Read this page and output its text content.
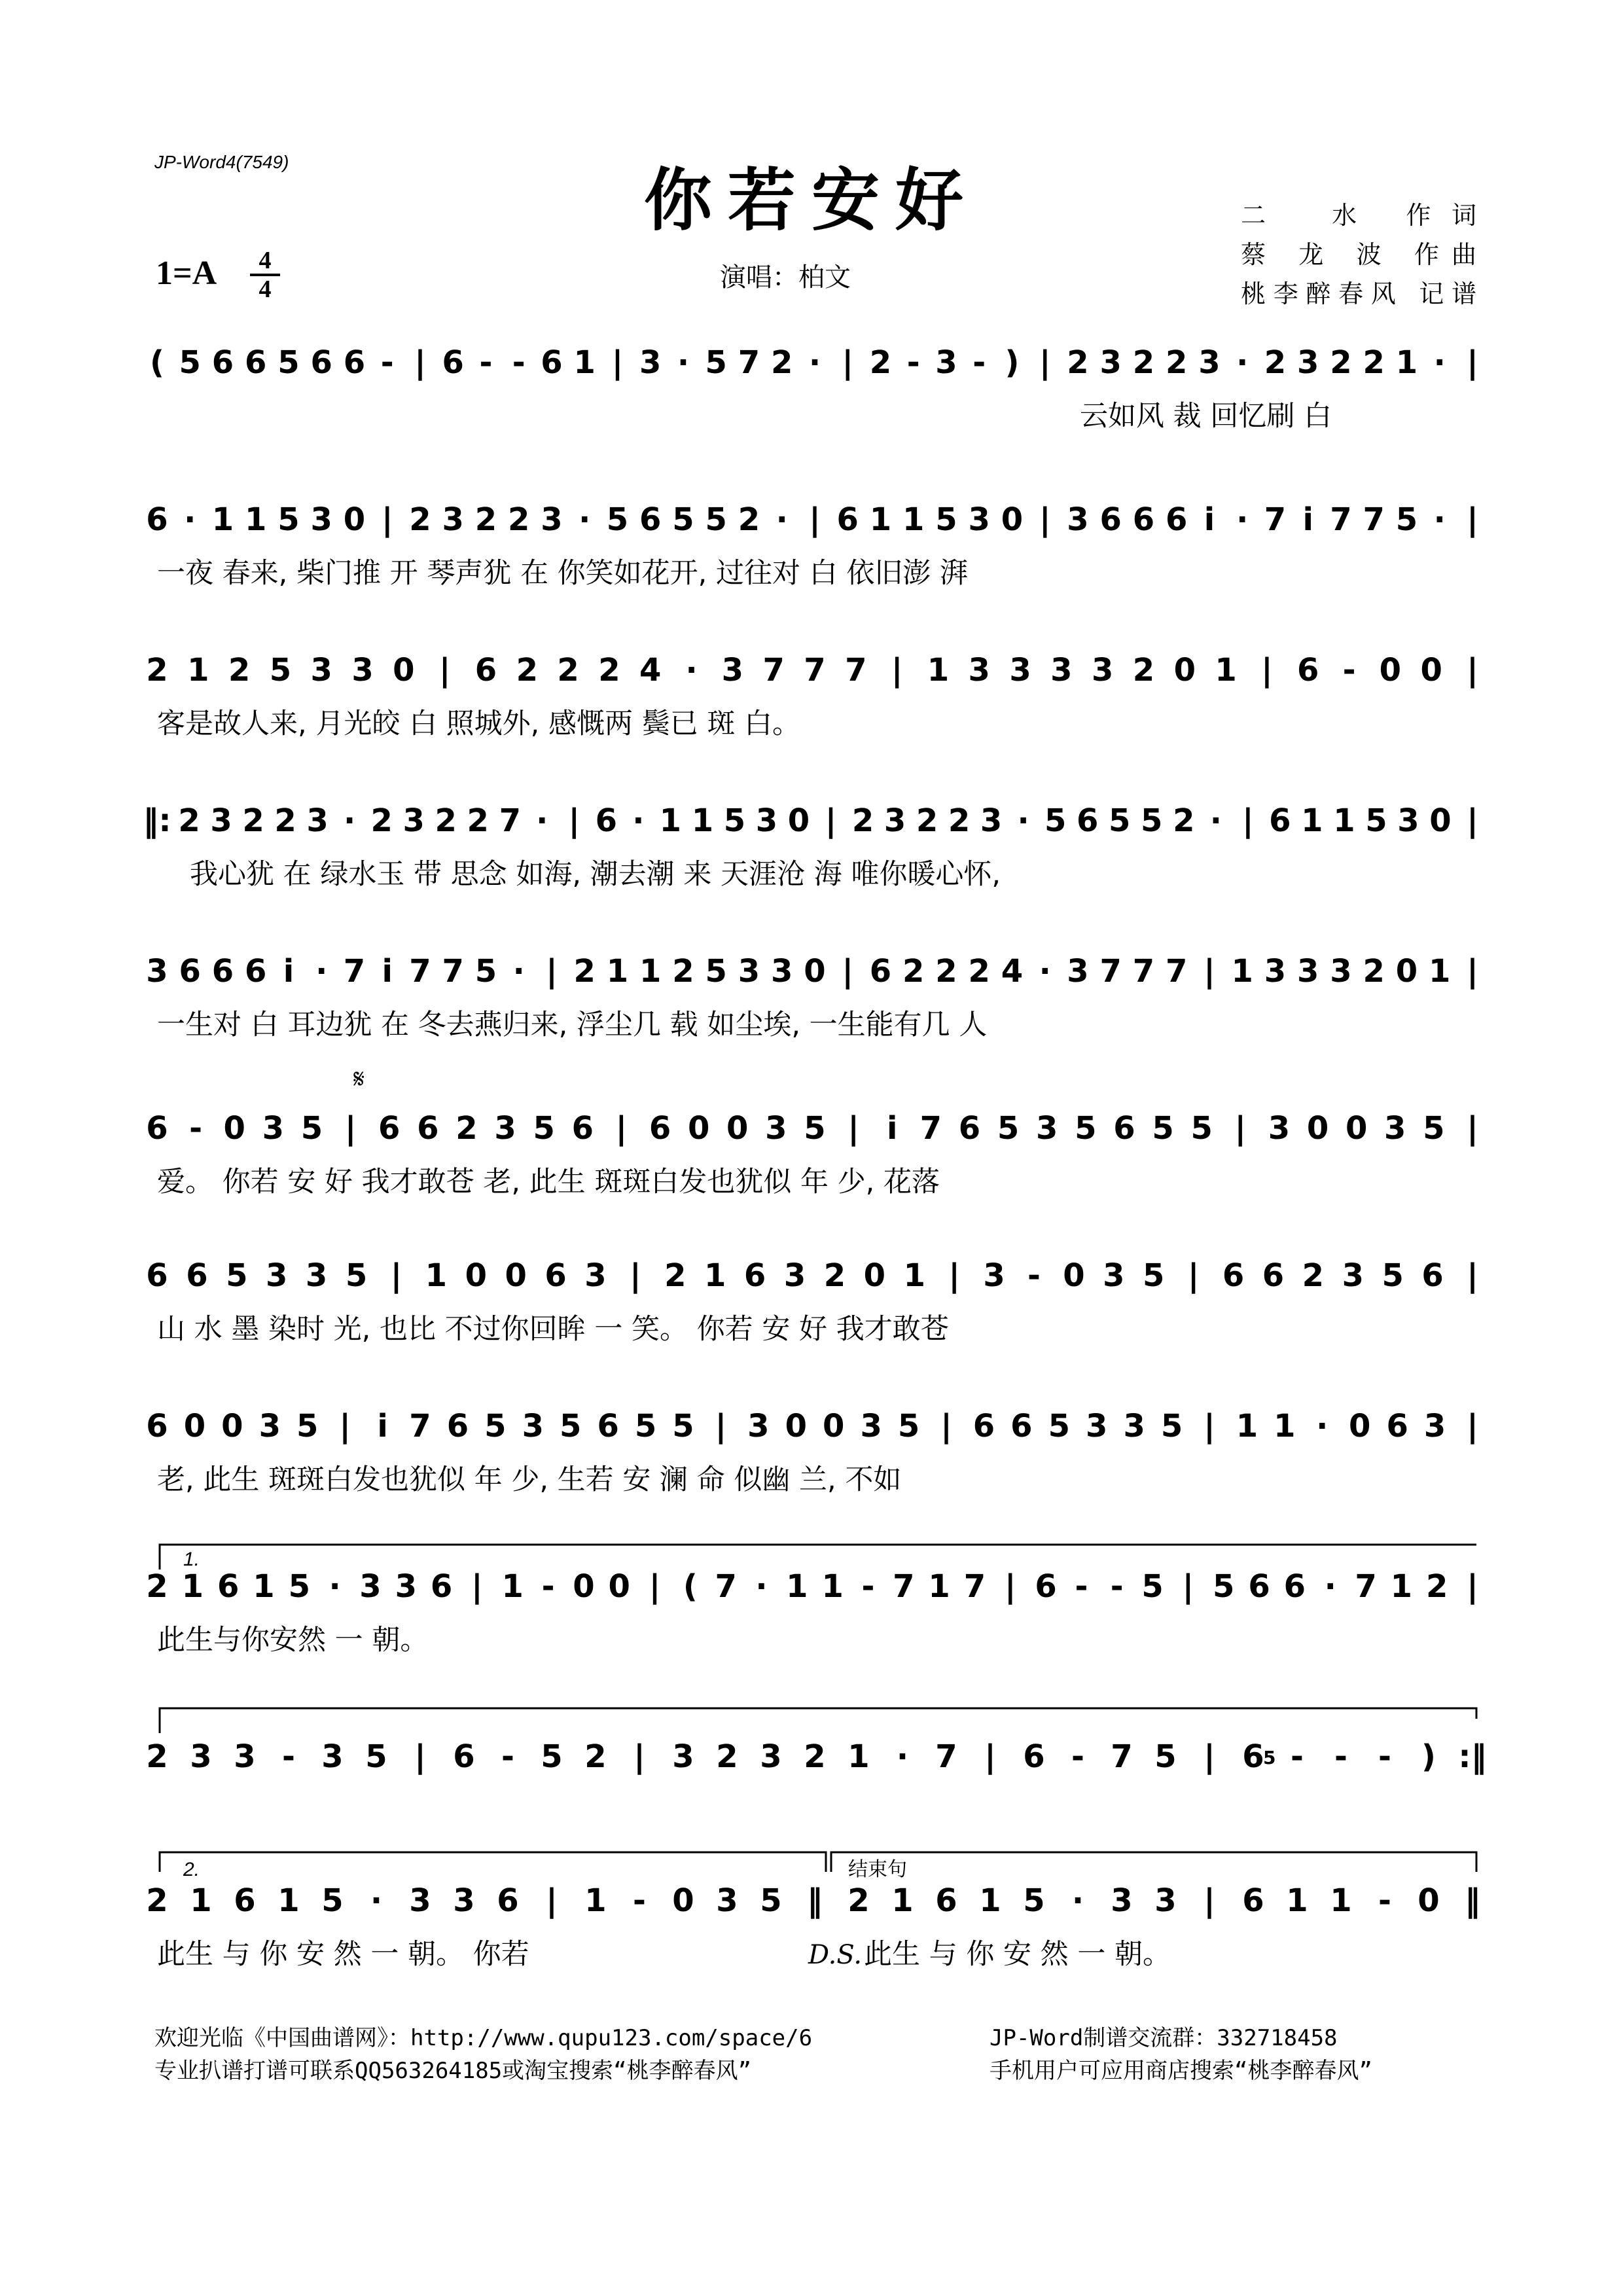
JP-Word4(7549)	你若安好
1=A	4
4	演唱：柏文
二　水 作词
蔡 龙 波 作曲
桃李醉春风 记谱
1.
2.	结束句
𝄋
5
( 5 6 6 5 6 6 - | 6 - - 6 1 | 3 · 5 7 2 · | 2 - 3 - ) | 2 3 2 2 3 · 2 3 2 2 1 · |
云如风 裁 回忆刷 白
6 · 1 1 5 3 0 | 2 3 2 2 3 · 5 6 5 5 2 · | 6 1 1 5 3 0 | 3 6 6 6 i · 7 i 7 7 5 · |
一夜 春来, 柴门推 开 琴声犹 在 你笑如花开, 过往对 白 依旧澎 湃
2 1 2 5 3 3 0 | 6 2 2 2 4 · 3 7 7 7 | 1 3 3 3 3 2 0 1 | 6 - 0 0 |
客是故人来, 月光皎 白 照城外, 感慨两 鬓已 斑 白。
‖: 2 3 2 2 3 · 2 3 2 2 7 · | 6 · 1 1 5 3 0 | 2 3 2 2 3 · 5 6 5 5 2 · | 6 1 1 5 3 0 |
我心犹 在 绿水玉 带 思念 如海, 潮去潮 来 天涯沧 海 唯你暖心怀,
3 6 6 6 i · 7 i 7 7 5 · | 2 1 1 2 5 3 3 0 | 6 2 2 2 4 · 3 7 7 7 | 1 3 3 3 2 0 1 |
一生对 白 耳边犹 在 冬去燕归来, 浮尘几 载 如尘埃, 一生能有几 人
6 - 0 3 5 | 6 6 2 3 5 6 | 6 0 0 3 5 | i 7 6 5 3 5 6 5 5 | 3 0 0 3 5 |
爱。 你若 安 好 我才敢苍 老, 此生 斑斑白发也犹似 年 少, 花落
6 6 5 3 3 5 | 1 0 0 6 3 | 2 1 6 3 2 0 1 | 3 - 0 3 5 | 6 6 2 3 5 6 |
山 水 墨 染时 光, 也比 不过你回眸 一 笑。 你若 安 好 我才敢苍
6 0 0 3 5 | i 7 6 5 3 5 6 5 5 | 3 0 0 3 5 | 6 6 5 3 3 5 | 1 1 · 0 6 3 |
老, 此生 斑斑白发也犹似 年 少, 生若 安 澜 命 似幽 兰, 不如
2 1 6 1 5 · 3 3 6 | 1 - 0 0 | ( 7 · 1 1 - 7 1 7 | 6 - - 5 | 5 6 6 · 7 1 2 |
此生与你安然 一 朝。
2 3 3 - 3 5 | 6 - 5 2 | 3 2 3 2 1 · 7 | 6 - 7 5 | 6 - - - ) :‖
2 1 6 1 5 · 3 3 6 | 1 - 0 3 5 ‖ 2 1 6 1 5 · 3 3 | 6 1 1 - 0 ‖
此生 与 你 安 然 一 朝。 你若	D.S. 此生 与 你 安 然 一 朝。
欢迎光临《中国曲谱网》：http://www.qupu123.com/space/6
专业扒谱打谱可联系QQ563264185或淘宝搜索“桃李醉春风”
JP-Word制谱交流群：332718458
手机用户可应用商店搜索“桃李醉春风”
